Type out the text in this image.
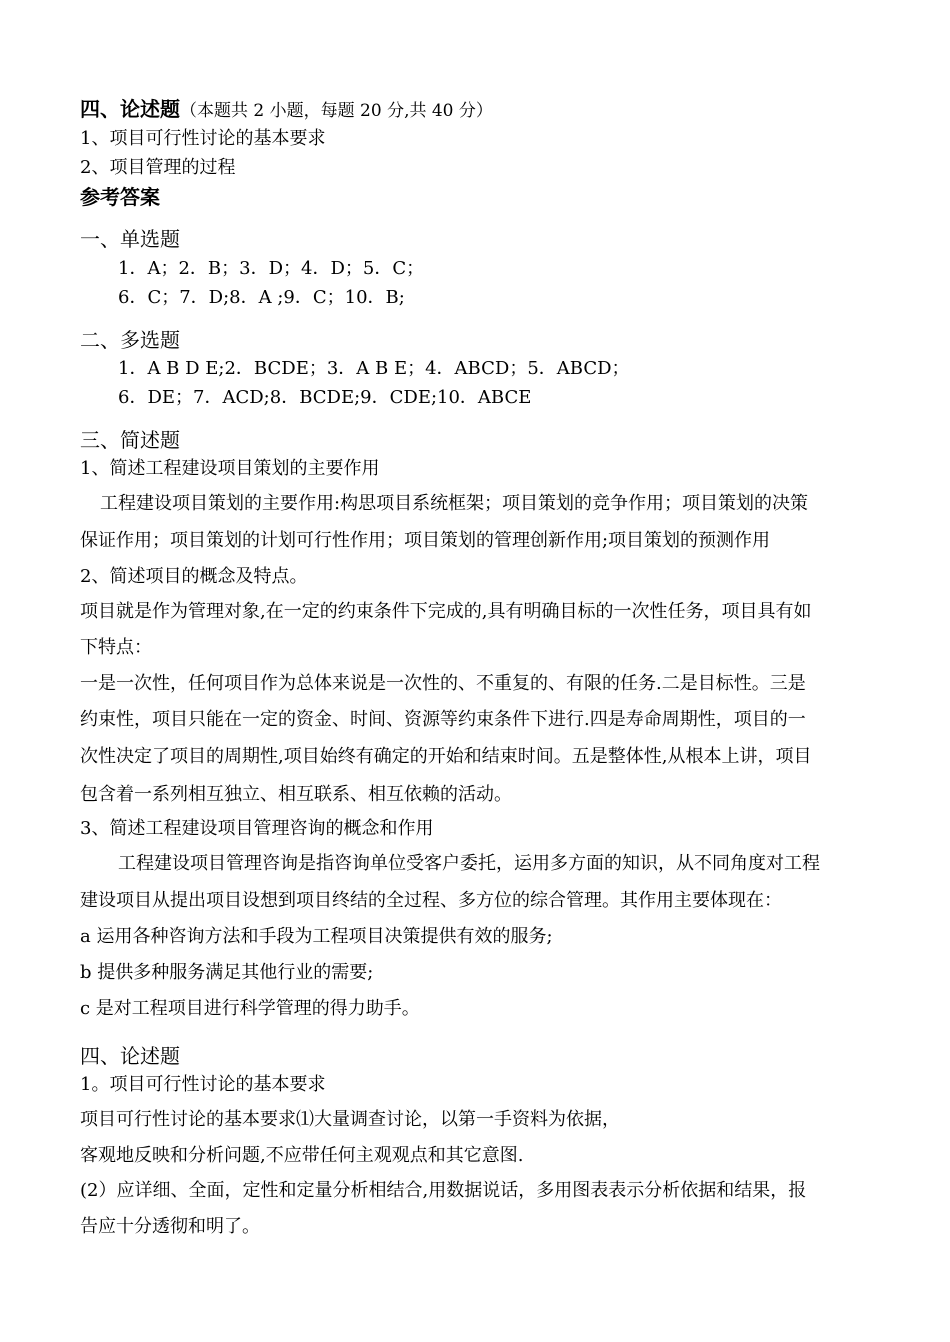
四、论述题（本题共 2 小题，每题 20 分,共 40 分）
1、项目可行性讨论的基本要求
2、项目管理的过程
参考答案
一、单选题
1．A；2．B；3．D；4．D；5．C；
6．C；7．D;8．A ;9．C；10．B;
二、多选题
1．A B D E;2．BCDE；3．A B E；4．ABCD；5．ABCD；
6．DE；7．ACD;8．BCDE;9．CDE;10．ABCE
三、简述题
1、简述工程建设项目策划的主要作用
工程建设项目策划的主要作用:构思项目系统框架；项目策划的竞争作用；项目策划的决策
保证作用；项目策划的计划可行性作用；项目策划的管理创新作用;项目策划的预测作用
2、简述项目的概念及特点。
项目就是作为管理对象,在一定的约束条件下完成的,具有明确目标的一次性任务，项目具有如
下特点：
一是一次性，任何项目作为总体来说是一次性的、不重复的、有限的任务.二是目标性。三是
约束性，项目只能在一定的资金、时间、资源等约束条件下进行.四是寿命周期性，项目的一
次性决定了项目的周期性,项目始终有确定的开始和结束时间。五是整体性,从根本上讲，项目
包含着一系列相互独立、相互联系、相互依赖的活动。
3、简述工程建设项目管理咨询的概念和作用
工程建设项目管理咨询是指咨询单位受客户委托，运用多方面的知识，从不同角度对工程
建设项目从提出项目设想到项目终结的全过程、多方位的综合管理。其作用主要体现在：
a 运用各种咨询方法和手段为工程项目决策提供有效的服务;
b 提供多种服务满足其他行业的需要;
c 是对工程项目进行科学管理的得力助手。
四、论述题
1。项目可行性讨论的基本要求
项目可行性讨论的基本要求⑴大量调查讨论，以第一手资料为依据，
客观地反映和分析问题,不应带任何主观观点和其它意图.
(2）应详细、全面，定性和定量分析相结合,用数据说话，多用图表表示分析依据和结果，报
告应十分透彻和明了。
